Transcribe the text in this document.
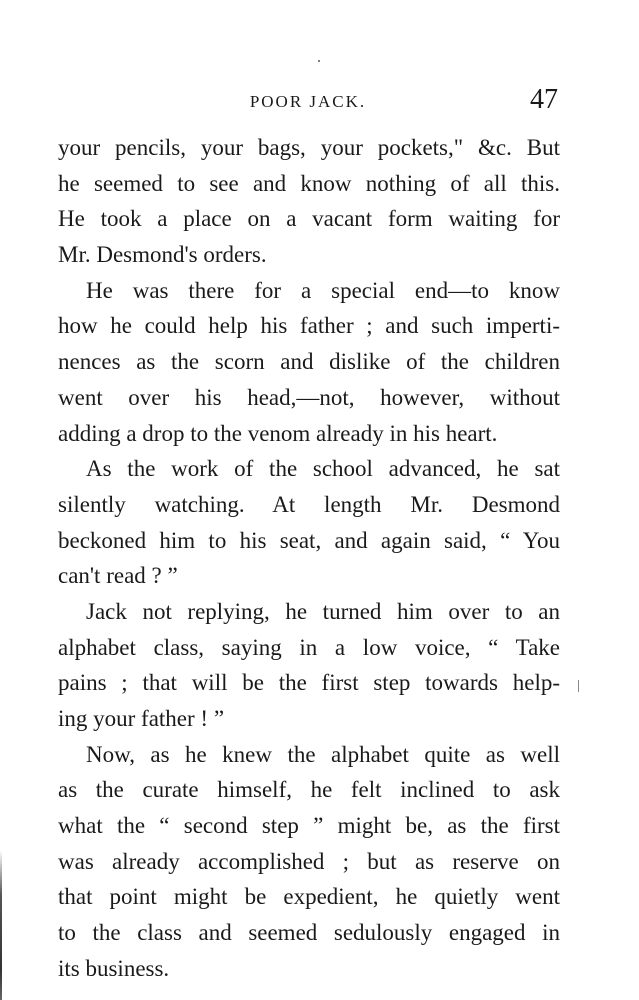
POOR JACK.	47
your pencils, your bags, your pockets," &c. But
he seemed to see and know nothing of all this.
He took a place on a vacant form waiting for
Mr. Desmond's orders.
He was there for a special end—to know
how he could help his father ; and such imperti-
nences as the scorn and dislike of the children
went over his head,—not, however, without
adding a drop to the venom already in his heart.
As the work of the school advanced, he sat
silently watching. At length Mr. Desmond
beckoned him to his seat, and again said, “ You
can't read ? ”
Jack not replying, he turned him over to an
alphabet class, saying in a low voice, “ Take
pains ; that will be the first step towards help-
ing your father ! ”
Now, as he knew the alphabet quite as well
as the curate himself, he felt inclined to ask
what the “ second step ” might be, as the first
was already accomplished ; but as reserve on
that point might be expedient, he quietly went
to the class and seemed sedulously engaged in
its business.
